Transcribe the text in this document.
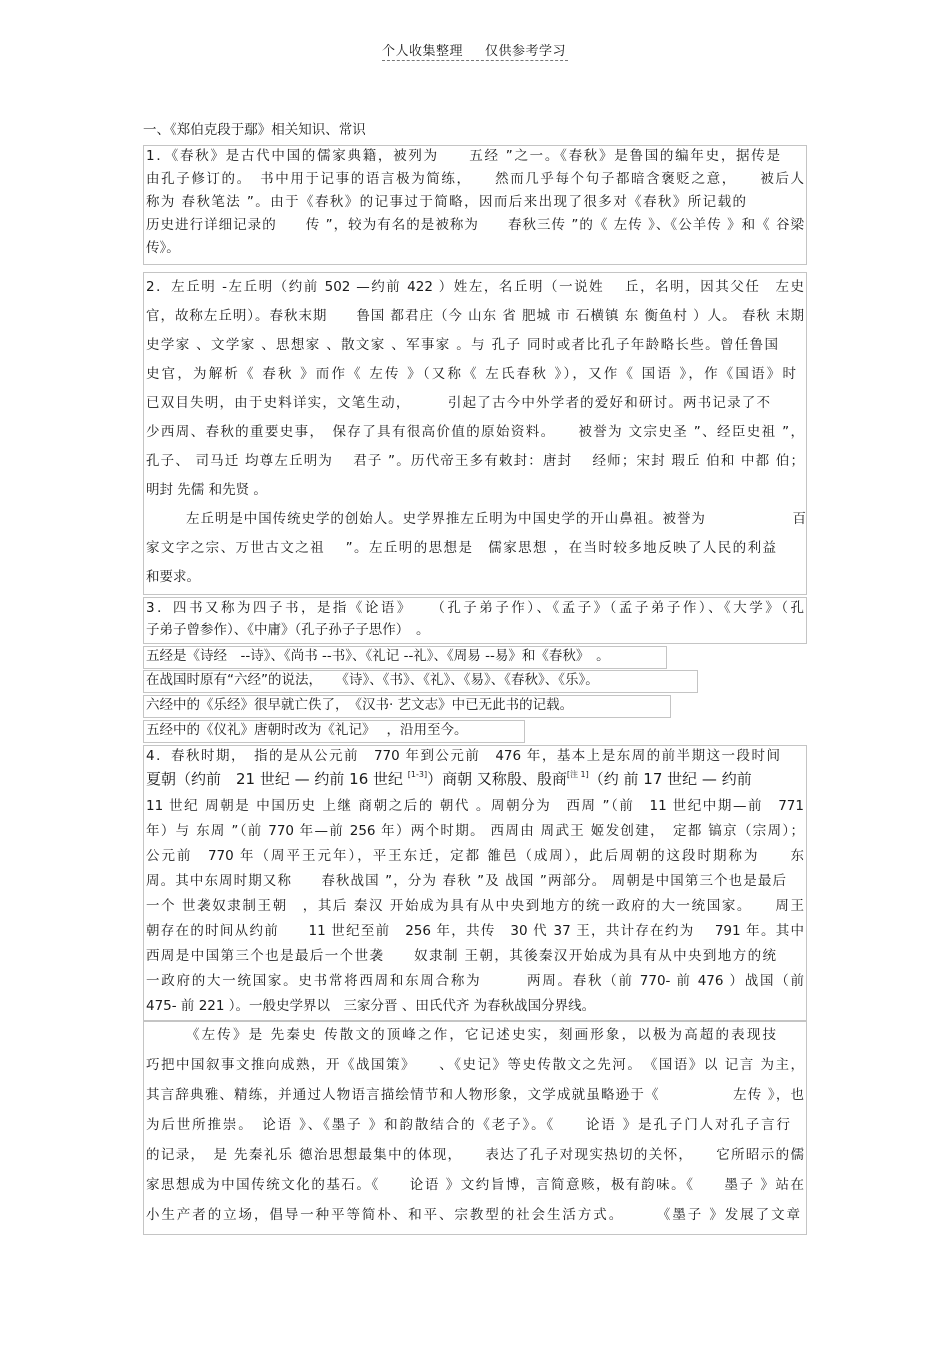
个人收集整理 仅供参考学习
一、《郑伯克段于鄢》相关知识、常识
1．《春秋》是古代中国的儒家典籍，被列为　　五经 ”之一。《春秋》是鲁国的编年史，据传是
由孔子修订的。　书中用于记事的语言极为简练，　　然而几乎每个句子都暗含褒贬之意，　　被后人
称为 春秋笔法 ”。由于《春秋》的记事过于简略，因而后来出现了很多对《春秋》所记载的
历史进行详细记录的　　传 ”，较为有名的是被称为　　春秋三传 ”的《 左传 》、《公羊传 》和《 谷梁
传》。
2．左丘明 -左丘明（约前 502 —约前 422 ）姓左，名丘明（一说姓　 丘，名明，因其父任　左史
官，故称左丘明）。春秋末期　　鲁国 都君庄（今 山东 省 肥城 市 石横镇 东 衡鱼村 ）人。 春秋 末期
史学家 、文学家 、思想家 、散文家 、军事家 。与 孔子 同时或者比孔子年龄略长些。曾任鲁国
史官，为解析《 春秋 》而作《 左传 》（又称《 左氏春秋 》），又作《 国语 》，作《国语》时
已双目失明，由于史料详实，文笔生动，　　　引起了古今中外学者的爱好和研讨。两书记录了不
少西周、春秋的重要史事，　保存了具有很高价值的原始资料。　　被誉为 文宗史圣 ”、经臣史祖 ”，
孔子、 司马迁 均尊左丘明为　 君子 ”。历代帝王多有敕封：唐封　 经师；宋封 瑕丘 伯和 中都 伯；
明封 先儒 和先贤 。
左丘明是中国传统史学的创始人。史学界推左丘明为中国史学的开山鼻祖。被誉为　　　　　　百
家文字之宗、万世古文之祖　 ”。左丘明的思想是　儒家思想 ，在当时较多地反映了人民的利益
和要求。
3．四书又称为四子书，是指《论语》　　（孔子弟子作）、《孟子》（孟子弟子作）、《大学》（孔
子弟子曾参作）、《中庸》（孔子孙子子思作）　。
五经是《诗经　--诗》、《尚书 --书》、《礼记 --礼》、《周易 --易》和《春秋》　。
在战国时原有“六经”的说法，　　《诗》、《书》、《礼》、《易》、《春秋》、《乐》。
六经中的《乐经》很早就亡佚了，　《汉书· 艺文志》中已无此书的记载。
五经中的《仪礼》唐朝时改为《礼记》　 ，沿用至今。
4．春秋时期，　指的是从公元前　770 年到公元前　476 年，基本上是东周的前半期这一段时间
夏朝（约前　21 世纪 — 约前 16 世纪 [1-3]）商朝 又称殷、殷商[注 1]（约 前 17 世纪 — 约前
11 世纪 周朝是 中国历史 上继 商朝之后的 朝代 。周朝分为　西周 ”（前　11 世纪中期—前　771
年）与 东周 ”（前 770 年—前 256 年）两个时期。 西周由 周武王 姬发创建，　定都 镐京（宗周）；
公元前　770 年（周平王元年），平王东迁，定都 雒邑（成周），此后周朝的这段时期称为　　东
周。其中东周时期又称　　春秋战国 ”，分为 春秋 ”及 战国 ”两部分。 周朝是中国第三个也是最后
一个 世袭奴隶制王朝　，其后 秦汉 开始成为具有从中央到地方的统一政府的大一统国家。　　周王
朝存在的时间从约前　　11 世纪至前　256 年，共传　30 代 37 王，共计存在约为　 791 年。其中
西周是中国第三个也是最后一个世袭　　奴隶制 王朝，其後秦汉开始成为具有从中央到地方的统
一政府的大一统国家。史书常将西周和东周合称为　　　两周。春秋（前 770- 前 476 ）战国（前
475- 前 221 ）。一般史学界以　三家分晋 、田氏代齐 为春秋战国分界线。
《左传》是 先秦史 传散文的顶峰之作，它记述史实，刻画形象，以极为高超的表现技
巧把中国叙事文推向成熟，开《战国策》　　、《史记》等史传散文之先河。　《国语》以 记言 为主，
其言辞典雅、精练，并通过人物语言描绘情节和人物形象，文学成就虽略逊于《　　　　　左传 》，也
为后世所推崇。　论语 》、《墨子 》和韵散结合的《老子》。《　　论语 》是孔子门人对孔子言行
的记录，　是 先秦礼乐 德治思想最集中的体现，　　表达了孔子对现实热切的关怀，　　它所昭示的儒
家思想成为中国传统文化的基石。《　　论语 》文约旨博，言简意赅，极有韵味。《　　墨子 》站在
小生产者的立场，倡导一种平等简朴、和平、宗教型的社会生活方式。　　　《墨子 》发展了文章
